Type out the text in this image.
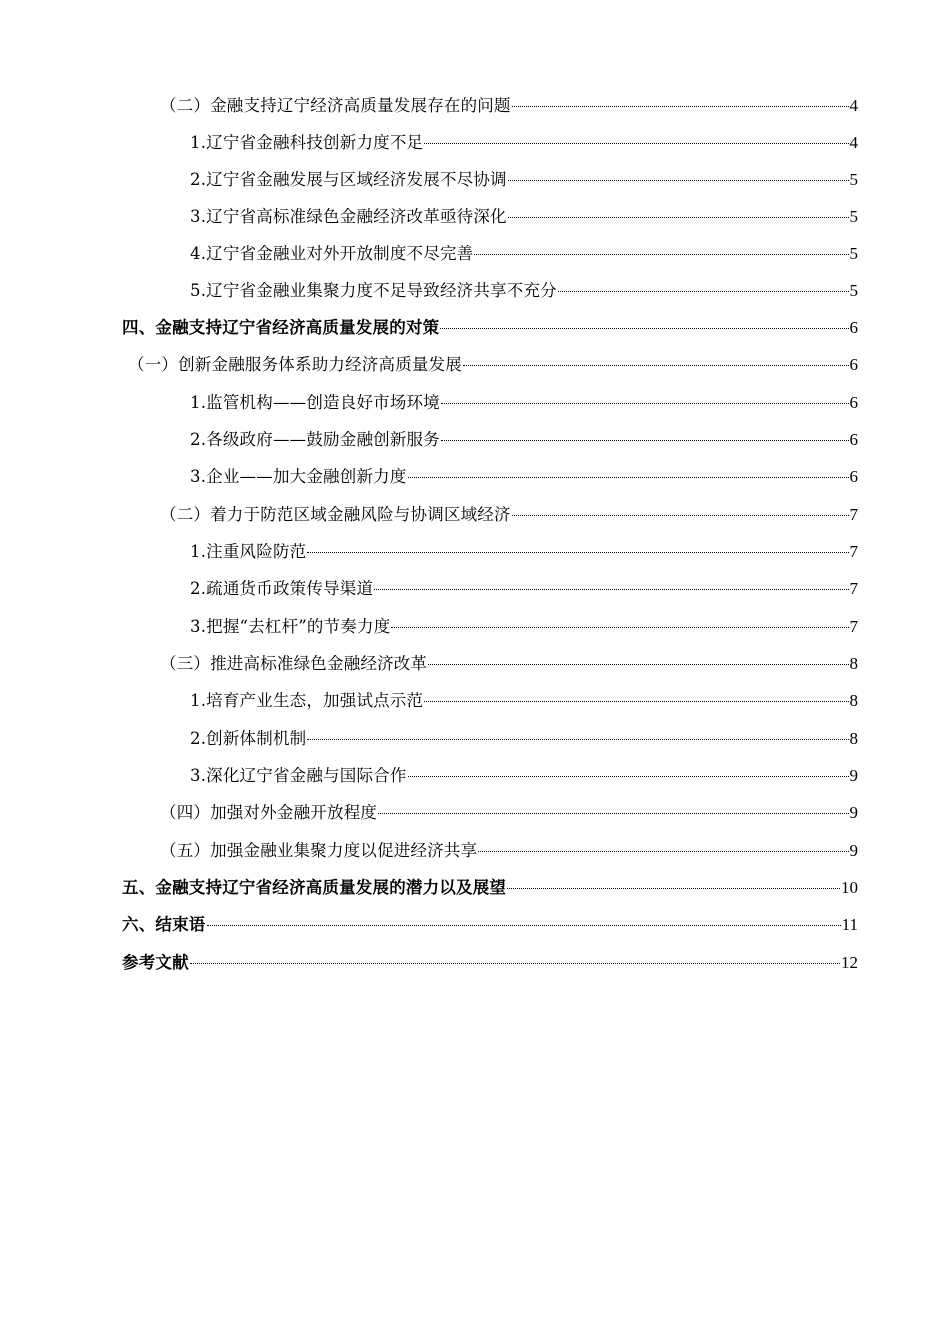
（二）金融支持辽宁经济高质量发展存在的问题	4
1.辽宁省金融科技创新力度不足	4
2.辽宁省金融发展与区域经济发展不尽协调	5
3.辽宁省高标准绿色金融经济改革亟待深化	5
4.辽宁省金融业对外开放制度不尽完善	5
5.辽宁省金融业集聚力度不足导致经济共享不充分	5
四、金融支持辽宁省经济高质量发展的对策	6
（一）创新金融服务体系助力经济高质量发展	6
1.监管机构——创造良好市场环境	6
2.各级政府——鼓励金融创新服务	6
3.企业——加大金融创新力度	6
（二）着力于防范区域金融风险与协调区域经济	7
1.注重风险防范	7
2.疏通货币政策传导渠道	7
3.把握“去杠杆”的节奏力度	7
（三）推进高标准绿色金融经济改革	8
1.培育产业生态，加强试点示范	8
2.创新体制机制	8
3.深化辽宁省金融与国际合作	9
（四）加强对外金融开放程度	9
（五）加强金融业集聚力度以促进经济共享	9
五、金融支持辽宁省经济高质量发展的潜力以及展望	10
六、结束语	11
参考文献	12
